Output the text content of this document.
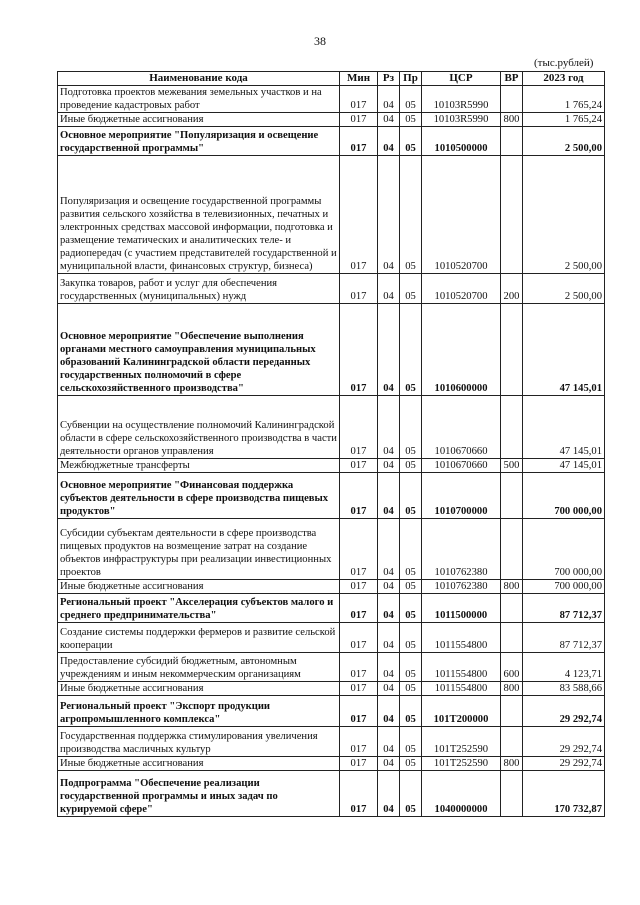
38
(тыс.рублей)
Наименование кода	Мин	Рз	Пр	ЦСР	ВР	2023 год
Подготовка проектов межевания земельных участков и на проведение кадастровых работ	017	04	05	10103R5990		1 765,24
Иные бюджетные ассигнования	017	04	05	10103R5990	800	1 765,24
Основное мероприятие "Популяризация и освещение государственной программы"	017	04	05	1010500000		2 500,00
Популяризация и освещение государственной программы развития сельского хозяйства в телевизионных, печатных и электронных средствах массовой информации, подготовка и размещение тематических и аналитических теле- и радиопередач (с участием представителей государственной и муниципальной власти, финансовых структур, бизнеса)	017	04	05	1010520700		2 500,00
Закупка товаров, работ и услуг для обеспечения государственных (муниципальных) нужд	017	04	05	1010520700	200	2 500,00
Основное мероприятие "Обеспечение выполнения органами местного самоуправления муниципальных образований Калининградской области переданных государственных полномочий в сфере сельскохозяйственного производства"	017	04	05	1010600000		47 145,01
Субвенции на осуществление полномочий Калининградской области в сфере сельскохозяйственного производства в части деятельности органов управления	017	04	05	1010670660		47 145,01
Межбюджетные трансферты	017	04	05	1010670660	500	47 145,01
Основное мероприятие "Финансовая поддержка субъектов деятельности в сфере производства пищевых продуктов"	017	04	05	1010700000		700 000,00
Субсидии субъектам деятельности в сфере производства пищевых продуктов на возмещение затрат на создание объектов инфраструктуры при реализации инвестиционных проектов	017	04	05	1010762380		700 000,00
Иные бюджетные ассигнования	017	04	05	1010762380	800	700 000,00
Региональный проект "Акселерация субъектов малого и среднего предпринимательства"	017	04	05	1011500000		87 712,37
Создание системы поддержки фермеров и развитие сельской кооперации	017	04	05	1011554800		87 712,37
Предоставление субсидий бюджетным, автономным учреждениям и иным некоммерческим организациям	017	04	05	1011554800	600	4 123,71
Иные бюджетные ассигнования	017	04	05	1011554800	800	83 588,66
Региональный проект "Экспорт продукции агропромышленного комплекса"	017	04	05	101T200000		29 292,74
Государственная поддержка стимулирования увеличения производства масличных культур	017	04	05	101T252590		29 292,74
Иные бюджетные ассигнования	017	04	05	101T252590	800	29 292,74
Подпрограмма "Обеспечение реализации государственной программы и иных задач по курируемой сфере"	017	04	05	1040000000		170 732,87
